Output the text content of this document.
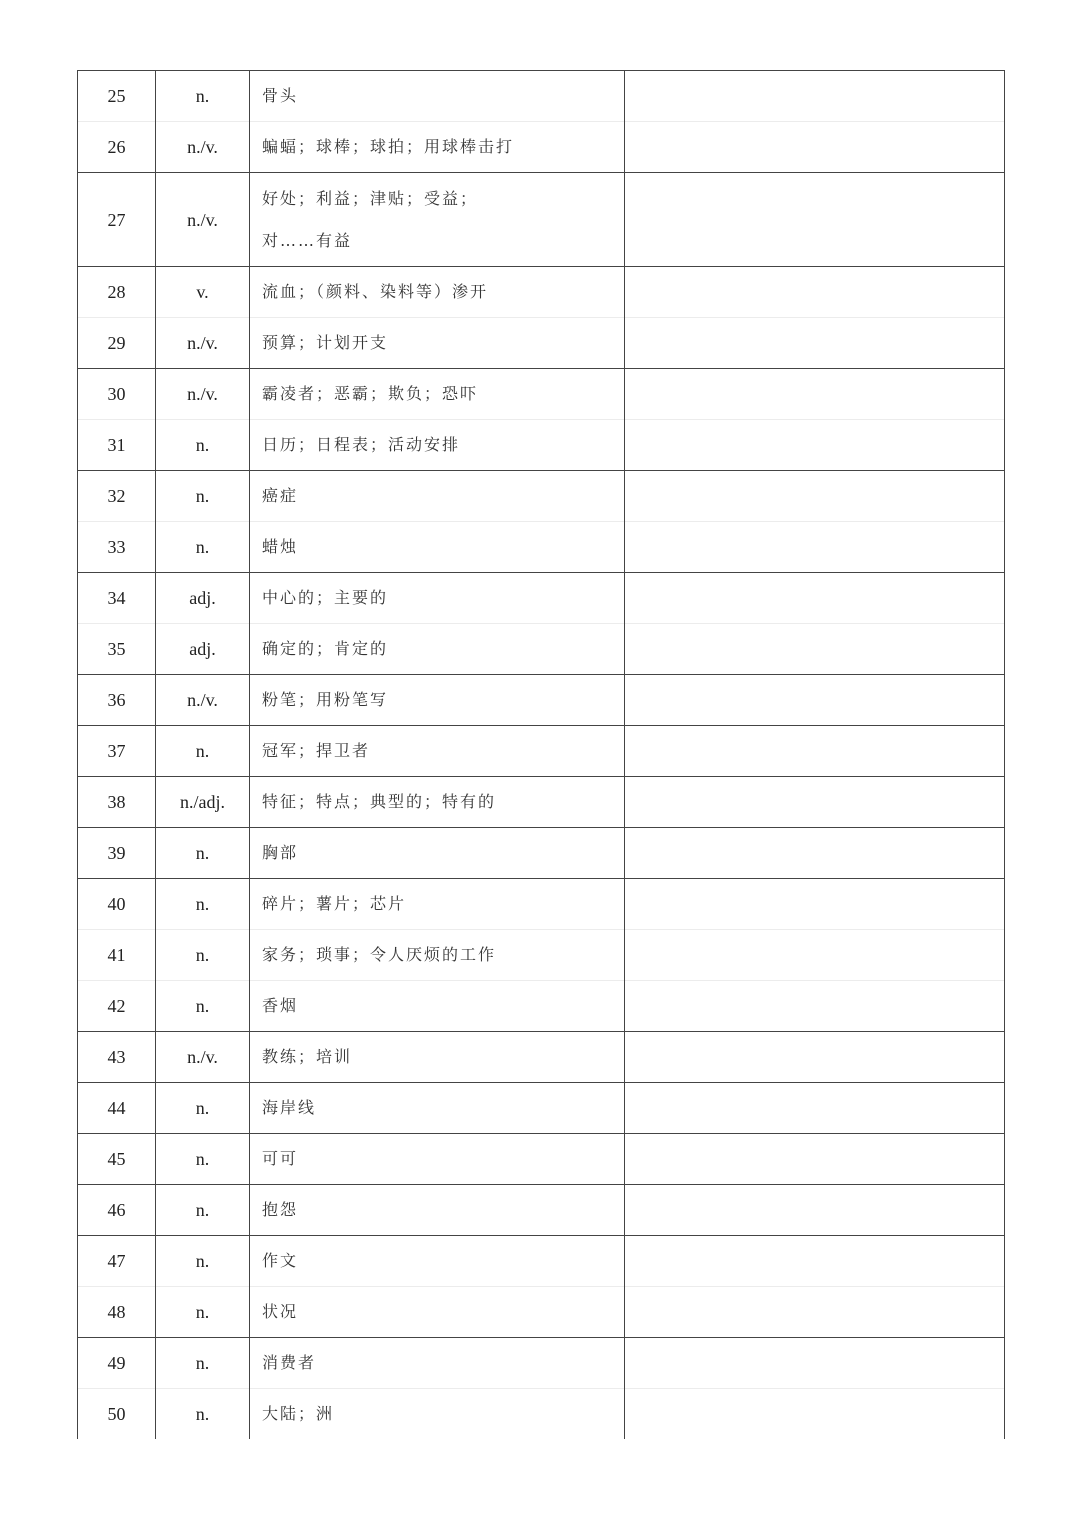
25	n.	骨头	

26	n./v.	蝙蝠；球棒；球拍；用球棒击打	

27	n./v.	好处；利益；津贴；受益；
对……有益	

28	v.	流血；（颜料、染料等）渗开	

29	n./v.	预算；计划开支	

30	n./v.	霸凌者；恶霸；欺负；恐吓	

31	n.	日历；日程表；活动安排	

32	n.	癌症	

33	n.	蜡烛	

34	adj.	中心的；主要的	

35	adj.	确定的；肯定的	

36	n./v.	粉笔；用粉笔写	

37	n.	冠军；捍卫者	

38	n./adj.	特征；特点；典型的；特有的	

39	n.	胸部	

40	n.	碎片；薯片；芯片	

41	n.	家务；琐事；令人厌烦的工作	

42	n.	香烟	

43	n./v.	教练；培训	

44	n.	海岸线	

45	n.	可可	

46	n.	抱怨	

47	n.	作文	

48	n.	状况	

49	n.	消费者	

50	n.	大陆；洲	
